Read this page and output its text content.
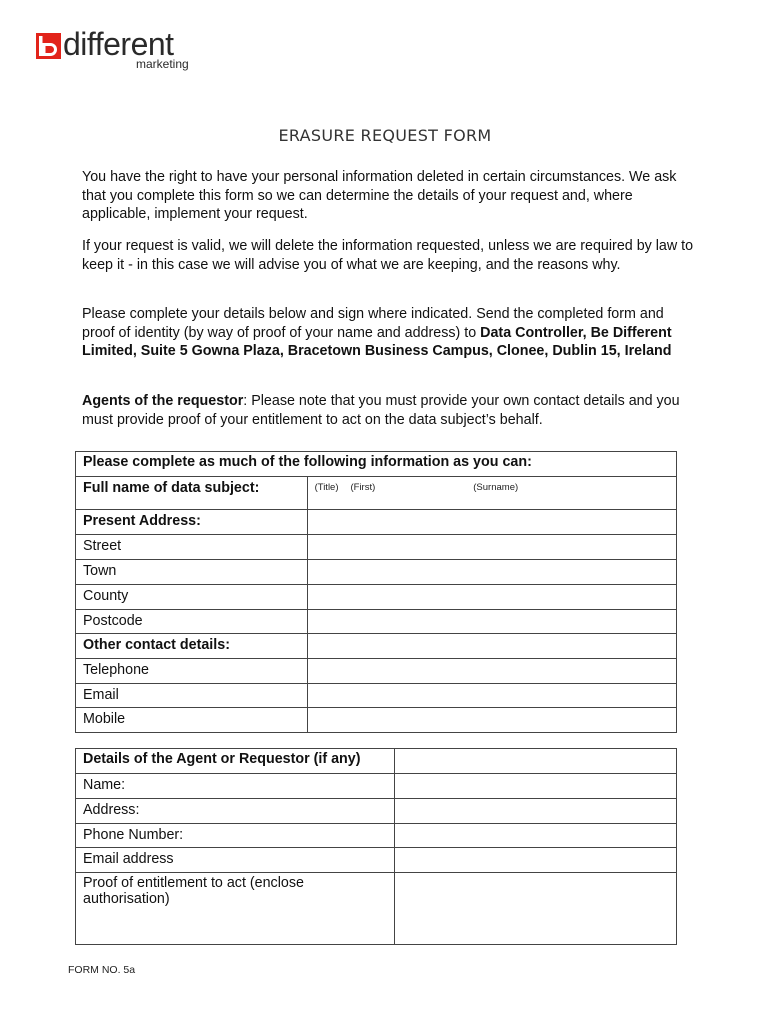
different
marketing
ERASURE REQUEST FORM
You have the right to have your personal information deleted in certain circumstances. We ask that you complete this form so we can determine the details of your request and, where applicable, implement your request.
If your request is valid, we will delete the information requested, unless we are required by law to keep it - in this case we will advise you of what we are keeping, and the reasons why.
Please complete your details below and sign where indicated. Send the completed form and proof of identity (by way of proof of your name and address) to Data Controller, Be Different Limited, Suite 5 Gowna Plaza, Bracetown Business Campus, Clonee, Dublin 15, Ireland
Agents of the requestor: Please note that you must provide your own contact details and you must provide proof of your entitlement to act on the data subject’s behalf.
Please complete as much of the following information as you can:	
Full name of data subject:	(Title) (First) (Surname)
Present Address:	
Street	
Town	
County	
Postcode	
Other contact details:	
Telephone	
Email	
Mobile	
Details of the Agent or Requestor (if any)	
Name:	
Address:	
Phone Number:	
Email address	
Proof of entitlement to act (enclose authorisation)	
FORM NO. 5a
